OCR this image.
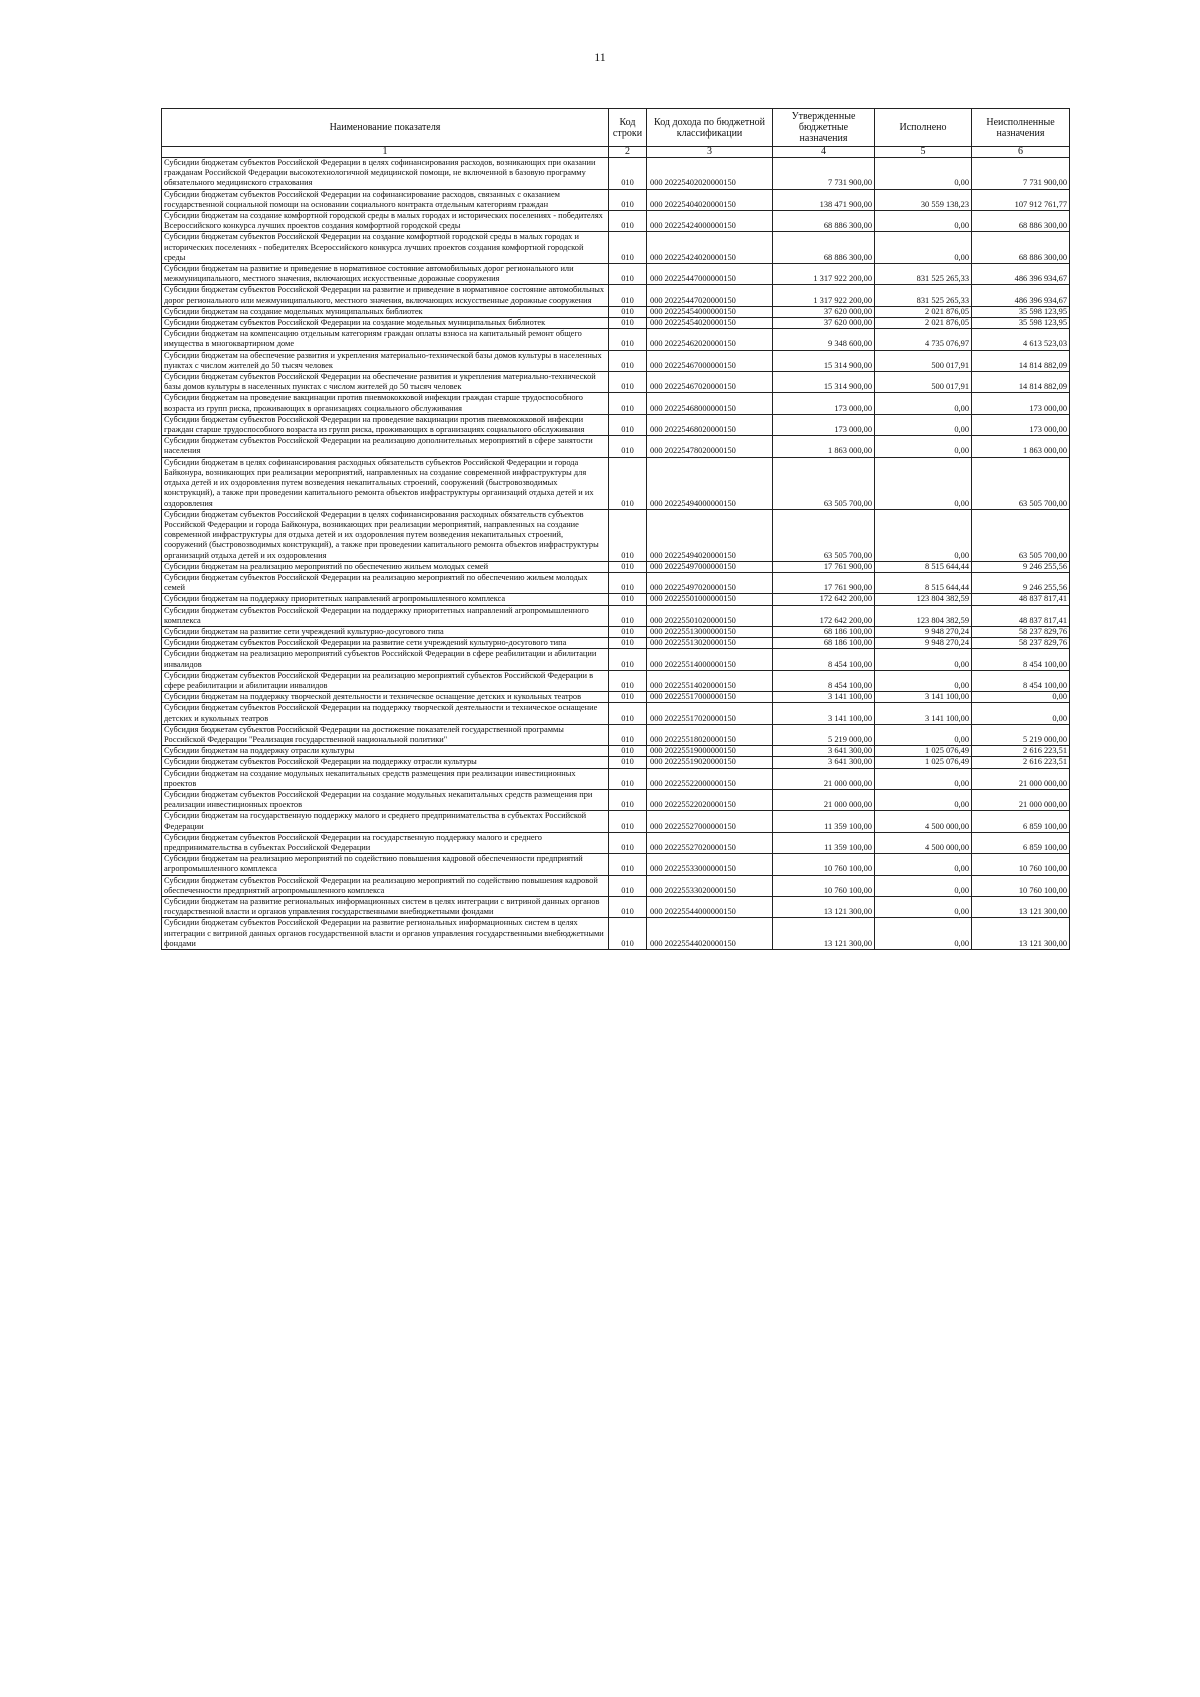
11
Наименование показателя	Код строки	Код дохода по бюджетной классификации	Утвержденные бюджетные назначения	Исполнено	Неисполненные назначения
1	2	3	4	5	6
Субсидии бюджетам субъектов Российской Федерации в целях софинансирования расходов, возникающих при оказании гражданам Российской Федерации высокотехнологичной медицинской помощи, не включенной в базовую программу обязательного медицинского страхования	010	000 20225402020000150	7 731 900,00	0,00	7 731 900,00
Субсидии бюджетам субъектов Российской Федерации на софинансирование расходов, связанных с оказанием государственной социальной помощи на основании социального контракта отдельным категориям граждан	010	000 20225404020000150	138 471 900,00	30 559 138,23	107 912 761,77
Субсидии бюджетам на создание комфортной городской среды в малых городах и исторических поселениях - победителях Всероссийского конкурса лучших проектов создания комфортной городской среды	010	000 20225424000000150	68 886 300,00	0,00	68 886 300,00
Субсидии бюджетам субъектов Российской Федерации на создание комфортной городской среды в малых городах и исторических поселениях - победителях Всероссийского конкурса лучших проектов создания комфортной городской среды	010	000 20225424020000150	68 886 300,00	0,00	68 886 300,00
Субсидии бюджетам на развитие и приведение в нормативное состояние автомобильных дорог регионального или межмуниципального, местного значения, включающих искусственные дорожные сооружения	010	000 20225447000000150	1 317 922 200,00	831 525 265,33	486 396 934,67
Субсидии бюджетам субъектов Российской Федерации на развитие и приведение в нормативное состояние автомобильных дорог регионального или межмуниципального, местного значения, включающих искусственные дорожные сооружения	010	000 20225447020000150	1 317 922 200,00	831 525 265,33	486 396 934,67
Субсидии бюджетам на создание модельных муниципальных библиотек	010	000 20225454000000150	37 620 000,00	2 021 876,05	35 598 123,95
Субсидии бюджетам субъектов Российской Федерации на создание модельных муниципальных библиотек	010	000 20225454020000150	37 620 000,00	2 021 876,05	35 598 123,95
Субсидии бюджетам на компенсацию отдельным категориям граждан оплаты взноса на капитальный ремонт общего имущества в многоквартирном доме	010	000 20225462020000150	9 348 600,00	4 735 076,97	4 613 523,03
Субсидии бюджетам на обеспечение развития и укрепления материально-технической базы домов культуры в населенных пунктах с числом жителей до 50 тысяч человек	010	000 20225467000000150	15 314 900,00	500 017,91	14 814 882,09
Субсидии бюджетам субъектов Российской Федерации на обеспечение развития и укрепления материально-технической базы домов культуры в населенных пунктах с числом жителей до 50 тысяч человек	010	000 20225467020000150	15 314 900,00	500 017,91	14 814 882,09
Субсидии бюджетам на проведение вакцинации против пневмококковой инфекции граждан старше трудоспособного возраста из групп риска, проживающих в организациях социального обслуживания	010	000 20225468000000150	173 000,00	0,00	173 000,00
Субсидии бюджетам субъектов Российской Федерации на проведение вакцинации против пневмококковой инфекции граждан старше трудоспособного возраста из групп риска, проживающих в организациях социального обслуживания	010	000 20225468020000150	173 000,00	0,00	173 000,00
Субсидии бюджетам субъектов Российской Федерации на реализацию дополнительных мероприятий в сфере занятости населения	010	000 20225478020000150	1 863 000,00	0,00	1 863 000,00
Субсидии бюджетам в целях софинансирования расходных обязательств субъектов Российской Федерации и города Байконура, возникающих при реализации мероприятий, направленных на создание современной инфраструктуры для отдыха детей и их оздоровления путем возведения некапитальных строений, сооружений (быстровозводимых конструкций), а также при проведении капитального ремонта объектов инфраструктуры организаций отдыха детей и их оздоровления	010	000 20225494000000150	63 505 700,00	0,00	63 505 700,00
Субсидии бюджетам субъектов Российской Федерации в целях софинансирования расходных обязательств субъектов Российской Федерации и города Байконура, возникающих при реализации мероприятий, направленных на создание современной инфраструктуры для отдыха детей и их оздоровления путем возведения некапитальных строений, сооружений (быстровозводимых конструкций), а также при проведении капитального ремонта объектов инфраструктуры организаций отдыха детей и их оздоровления	010	000 20225494020000150	63 505 700,00	0,00	63 505 700,00
Субсидии бюджетам на реализацию мероприятий по обеспечению жильем молодых семей	010	000 20225497000000150	17 761 900,00	8 515 644,44	9 246 255,56
Субсидии бюджетам субъектов Российской Федерации на реализацию мероприятий по обеспечению жильем молодых семей	010	000 20225497020000150	17 761 900,00	8 515 644,44	9 246 255,56
Субсидии бюджетам на поддержку приоритетных направлений агропромышленного комплекса	010	000 20225501000000150	172 642 200,00	123 804 382,59	48 837 817,41
Субсидии бюджетам субъектов Российской Федерации на поддержку приоритетных направлений агропромышленного комплекса	010	000 20225501020000150	172 642 200,00	123 804 382,59	48 837 817,41
Субсидии бюджетам на развитие сети учреждений культурно-досугового типа	010	000 20225513000000150	68 186 100,00	9 948 270,24	58 237 829,76
Субсидии бюджетам субъектов Российской Федерации на развитие сети учреждений культурно-досугового типа	010	000 20225513020000150	68 186 100,00	9 948 270,24	58 237 829,76
Субсидии бюджетам на реализацию мероприятий субъектов Российской Федерации в сфере реабилитации и абилитации инвалидов	010	000 20225514000000150	8 454 100,00	0,00	8 454 100,00
Субсидии бюджетам субъектов Российской Федерации на реализацию мероприятий субъектов Российской Федерации в сфере реабилитации и абилитации инвалидов	010	000 20225514020000150	8 454 100,00	0,00	8 454 100,00
Субсидии бюджетам на поддержку творческой деятельности и техническое оснащение детских и кукольных театров	010	000 20225517000000150	3 141 100,00	3 141 100,00	0,00
Субсидии бюджетам субъектов Российской Федерации на поддержку творческой деятельности и техническое оснащение детских и кукольных театров	010	000 20225517020000150	3 141 100,00	3 141 100,00	0,00
Субсидия бюджетам субъектов Российской Федерации на достижение показателей государственной программы Российской Федерации "Реализация государственной национальной политики"	010	000 20225518020000150	5 219 000,00	0,00	5 219 000,00
Субсидии бюджетам на поддержку отрасли культуры	010	000 20225519000000150	3 641 300,00	1 025 076,49	2 616 223,51
Субсидии бюджетам субъектов Российской Федерации на поддержку отрасли культуры	010	000 20225519020000150	3 641 300,00	1 025 076,49	2 616 223,51
Субсидии бюджетам на создание модульных некапитальных средств размещения при реализации инвестиционных проектов	010	000 20225522000000150	21 000 000,00	0,00	21 000 000,00
Субсидии бюджетам субъектов Российской Федерации на создание модульных некапитальных средств размещения при реализации инвестиционных проектов	010	000 20225522020000150	21 000 000,00	0,00	21 000 000,00
Субсидии бюджетам на государственную поддержку малого и среднего предпринимательства в субъектах Российской Федерации	010	000 20225527000000150	11 359 100,00	4 500 000,00	6 859 100,00
Субсидии бюджетам субъектов Российской Федерации на государственную поддержку малого и среднего предпринимательства в субъектах Российской Федерации	010	000 20225527020000150	11 359 100,00	4 500 000,00	6 859 100,00
Субсидии бюджетам на реализацию мероприятий по содействию повышения кадровой обеспеченности предприятий агропромышленного комплекса	010	000 20225533000000150	10 760 100,00	0,00	10 760 100,00
Субсидии бюджетам субъектов Российской Федерации на реализацию мероприятий по содействию повышения кадровой обеспеченности предприятий агропромышленного комплекса	010	000 20225533020000150	10 760 100,00	0,00	10 760 100,00
Субсидии бюджетам на развитие региональных информационных систем в целях интеграции с витриной данных органов государственной власти и органов управления государственными внебюджетными фондами	010	000 20225544000000150	13 121 300,00	0,00	13 121 300,00
Субсидии бюджетам субъектов Российской Федерации на развитие региональных информационных систем в целях интеграции с витриной данных органов государственной власти и органов управления государственными внебюджетными фондами	010	000 20225544020000150	13 121 300,00	0,00	13 121 300,00
